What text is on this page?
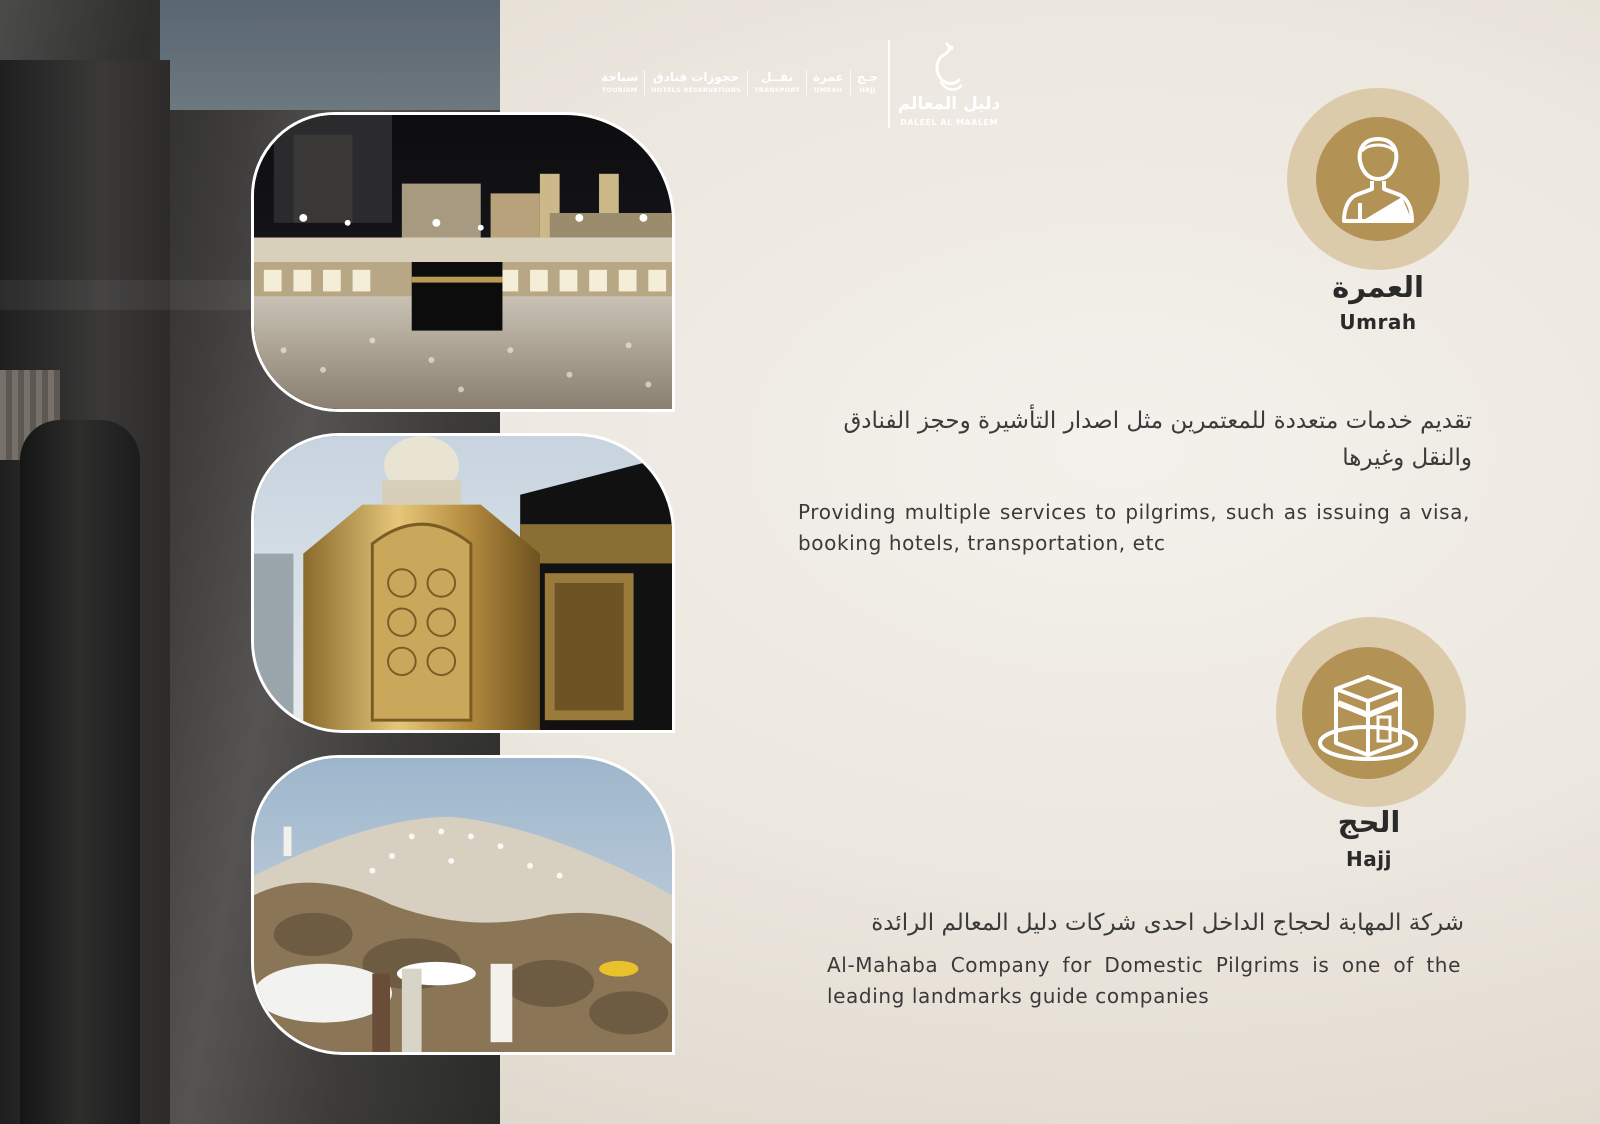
سياحة
TOURISM
حجوزات فنادق
HOTELS RESERVATIONS
نقــل
TRANSPORT
عمرة
UMRAH
حـج
HAJJ
دليل المعالم
DALEEL AL MAALEM
العمرة
Umrah
تقديم خدمات متعددة للمعتمرين مثل اصدار التأشيرة وحجز الفنادق والنقل وغيرها
Providing multiple services to pilgrims, such as issuing a visa, booking hotels, transportation, etc
الحج
Hajj
شركة المهابة لحجاج الداخل احدى شركات دليل المعالم الرائدة
Al-Mahaba Company for Domestic Pilgrims is one of the leading landmarks guide companies
